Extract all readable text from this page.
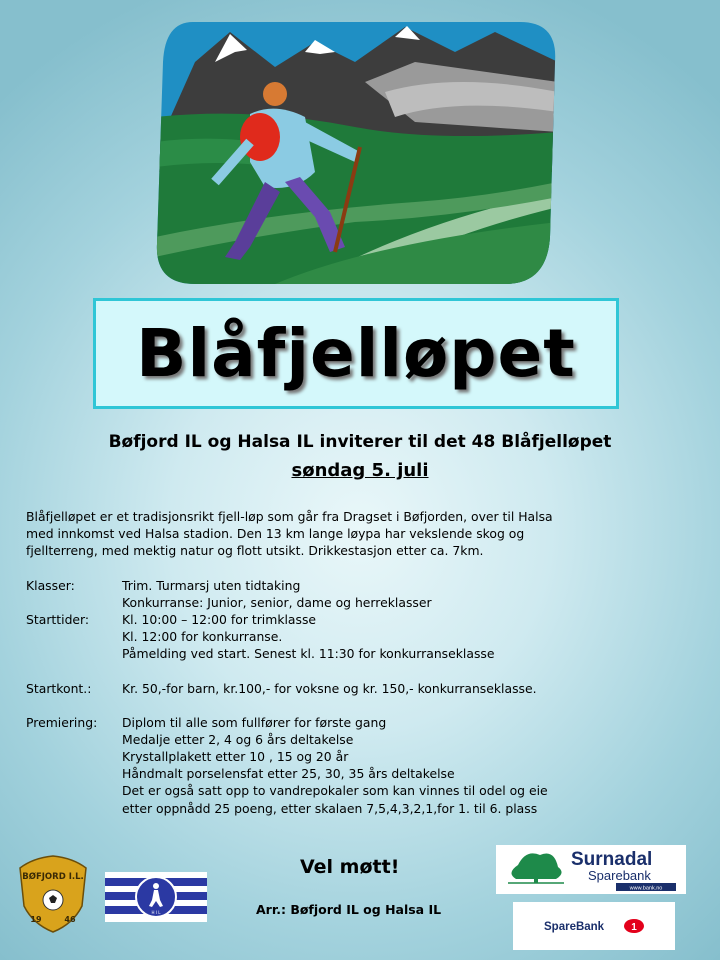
Blåfjelløpet
Bøfjord IL og Halsa IL inviterer til det 48 Blåfjelløpet
søndag 5. juli
Blåfjelløpet er et tradisjonsrikt fjell-løp som går fra Dragset i Bøfjorden, over til Halsa
med innkomst ved Halsa stadion. Den 13 km lange løypa har vekslende skog og
fjellterreng, med mektig natur og flott utsikt. Drikkestasjon etter ca. 7km.
Klasser:	Trim. Turmarsj uten tidtaking
Konkurranse: Junior, senior, dame og herreklasser
Starttider:	Kl. 10:00 – 12:00 for trimklasse
Kl. 12:00 for konkurranse.
Påmelding ved start. Senest kl. 11:30 for konkurranseklasse
Startkont.:	Kr. 50,-for barn, kr.100,- for voksne og kr. 150,- konkurranseklasse.
Premiering:	Diplom til alle som fullfører for første gang
Medalje etter 2, 4 og 6 års deltakelse
Krystallplakett etter 10 , 15 og 20 år
Håndmalt porselensfat etter 25, 30, 35 års deltakelse
Det er også satt opp to vandrepokaler som kan vinnes til odel og eie
etter oppnådd 25 poeng, etter skalaen 7,5,4,3,2,1,for 1. til 6. plass
Vel møtt!
Arr.: Bøfjord IL og Halsa IL
BØFJORD I.L.
19	46
H I L
Surnadal
Sparebank
www.bank.no
SpareBank	1
